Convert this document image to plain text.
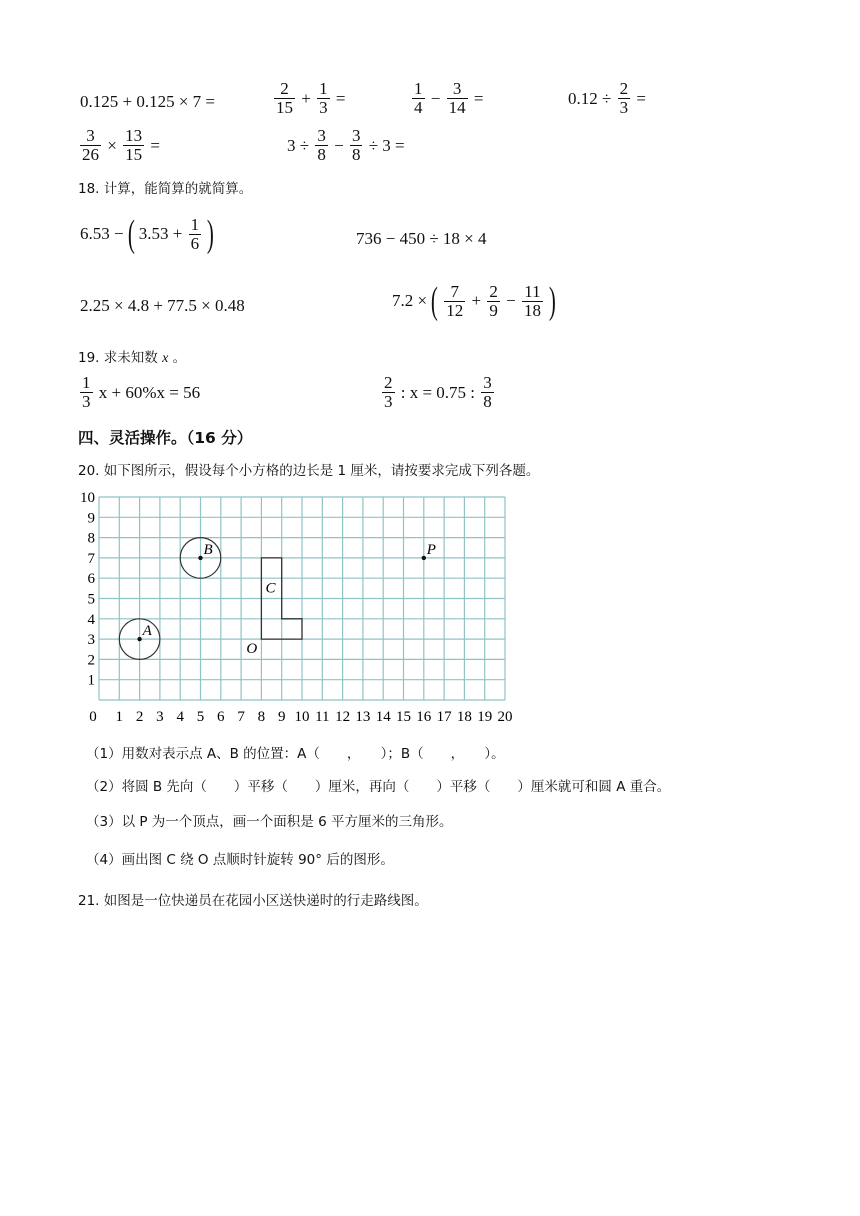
0.125 + 0.125 × 7 =	$\frac{2}{15} + \frac{1}{3}$ =	$\frac{1}{4} - \frac{3}{14}$ =	$0.12 \div \frac{2}{3}$ =
$\frac{3}{26} \times \frac{13}{15}$ =	$3 \div \frac{3}{8} - \frac{3}{8} \div 3$ =
18. 计算，能简算的就简算。
6.53 − ( $3.53 + \frac{1}{6}$ )	736 − 450 ÷ 18 × 4
2.25 × 4.8 + 77.5 × 0.48	7.2 × ( $\frac{7}{12} + \frac{2}{9} - \frac{11}{18}$ )
19. 求未知数 x 。
$\frac{1}{3}$ x + 60%x = 56	$\frac{2}{3}$ : x = 0.75 : $\frac{3}{8}$
四、灵活操作。（16 分）
20. 如下图所示，假设每个小方格的边长是 1 厘米，请按要求完成下列各题。
1
2
3
4
5
6
7
8
9
10
0 1 2 3 4 5 6 7 8 9 10 11 12 13 14 15 16 17 18 19 20
A
B	P
C
O
（1）用数对表示点 A、B 的位置：A（　　，　　）；B（　　，　　）。
（2）将圆 B 先向（　　）平移（　　）厘米，再向（　　）平移（　　）厘米就可和圆 A 重合。
（3）以 P 为一个顶点，画一个面积是 6 平方厘米的三角形。
（4）画出图 C 绕 O 点顺时针旋转 90° 后的图形。
21. 如图是一位快递员在花园小区送快递时的行走路线图。
